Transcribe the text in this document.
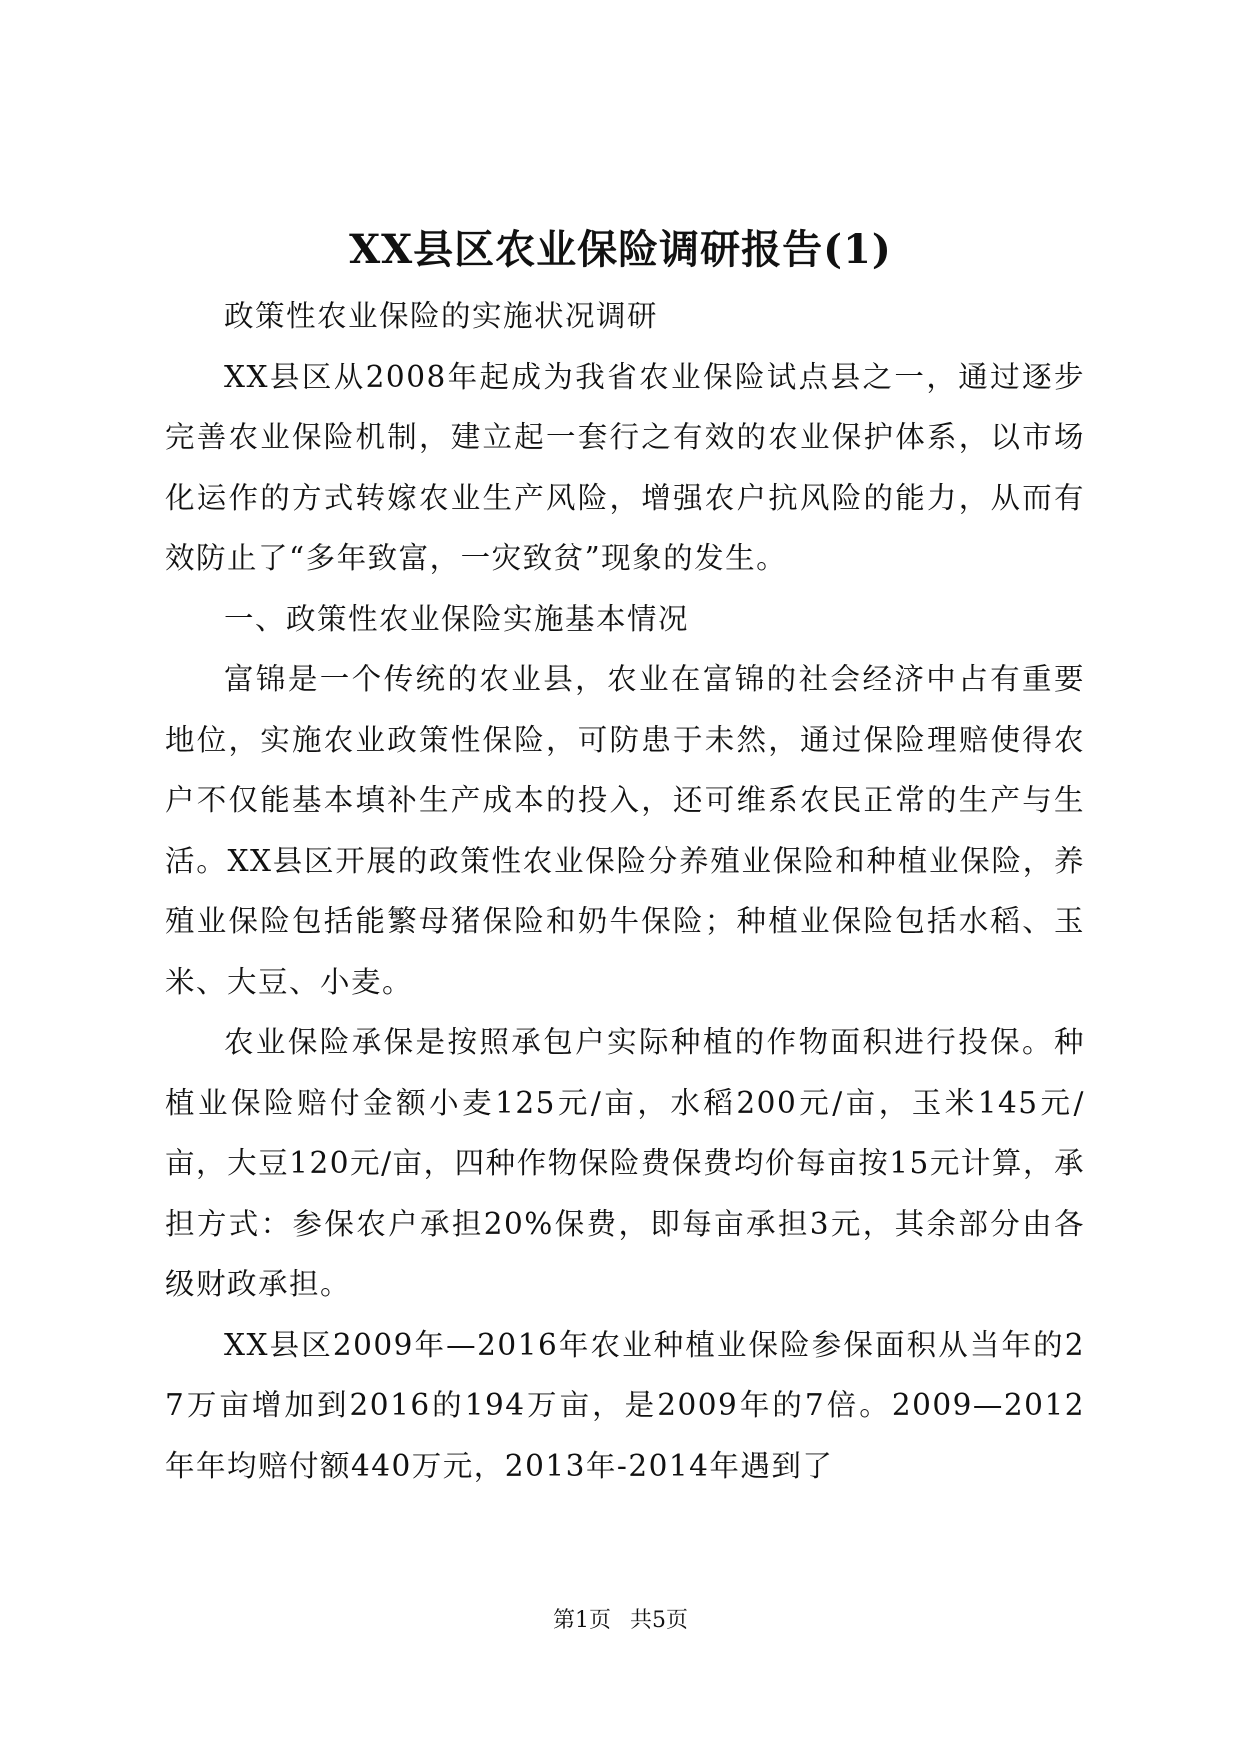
XX县区农业保险调研报告(1)

政策性农业保险的实施状况调研

XX县区从2008年起成为我省农业保险试点县之一，通过逐步完善农业保险机制，建立起一套行之有效的农业保护体系，以市场化运作的方式转嫁农业生产风险，增强农户抗风险的能力，从而有效防止了“多年致富，一灾致贫”现象的发生。

一、政策性农业保险实施基本情况

富锦是一个传统的农业县，农业在富锦的社会经济中占有重要地位，实施农业政策性保险，可防患于未然，通过保险理赔使得农户不仅能基本填补生产成本的投入，还可维系农民正常的生产与生活。XX县区开展的政策性农业保险分养殖业保险和种植业保险，养殖业保险包括能繁母猪保险和奶牛保险；种植业保险包括水稻、玉米、大豆、小麦。

农业保险承保是按照承包户实际种植的作物面积进行投保。种植业保险赔付金额小麦125元/亩，水稻200元/亩，玉米145元/亩，大豆120元/亩，四种作物保险费保费均价每亩按15元计算，承担方式：参保农户承担20%保费，即每亩承担3元，其余部分由各级财政承担。

XX县区2009年—2016年农业种植业保险参保面积从当年的27万亩增加到2016的194万亩，是2009年的7倍。2009—2012年年均赔付额440万元，2013年-2014年遇到了

第1页 共5页
